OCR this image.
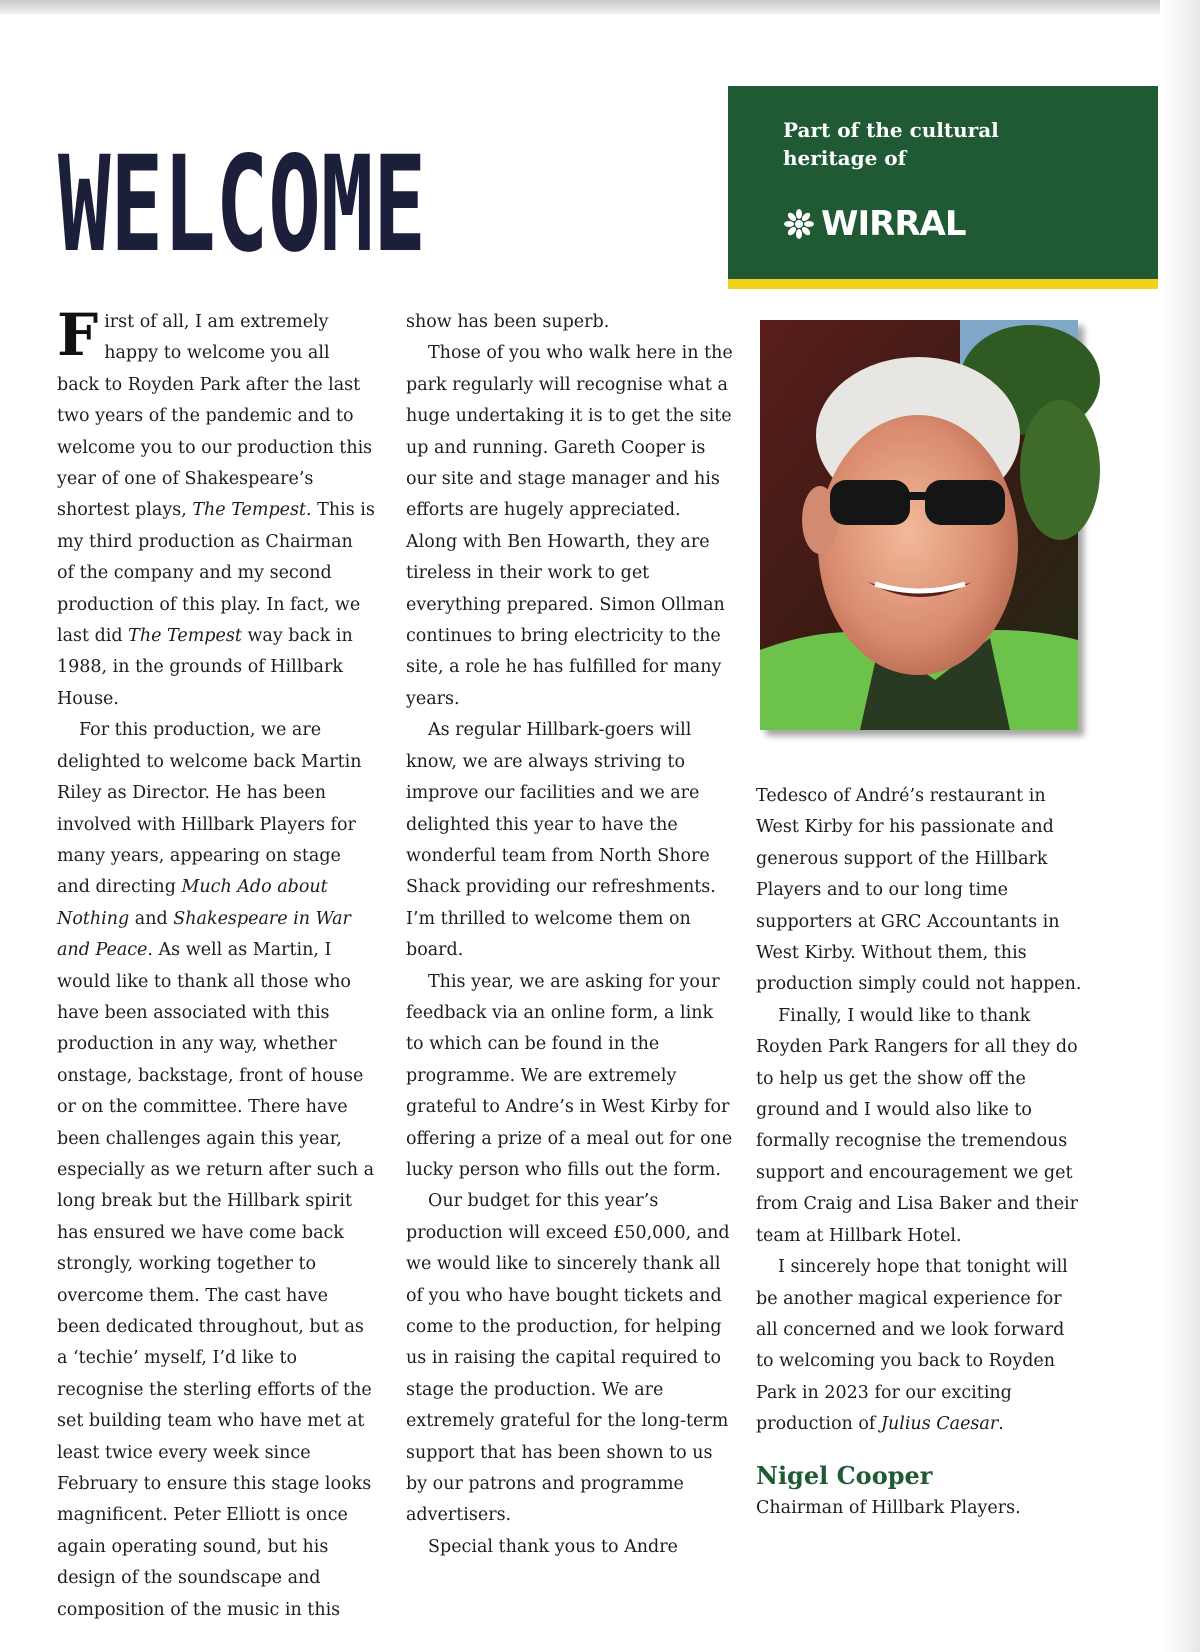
WELCOME	Part of the cultural
heritage of
WIRRAL

First of all, I am extremely happy to welcome you all back to Royden Park after the last two years of the pandemic and to welcome you to our production this year of one of Shakespeare’s shortest plays, The Tempest. This is my third production as Chairman of the company and my second production of this play. In fact, we last did The Tempest way back in 1988, in the grounds of Hillbark House.

For this production, we are delighted to welcome back Martin Riley as Director. He has been involved with Hillbark Players for many years, appearing on stage and directing Much Ado about Nothing and Shakespeare in War and Peace. As well as Martin, I would like to thank all those who have been associated with this production in any way, whether onstage, backstage, front of house or on the committee. There have been challenges again this year, especially as we return after such a long break but the Hillbark spirit has ensured we have come back strongly, working together to overcome them. The cast have been dedicated throughout, but as a ‘techie’ myself, I’d like to recognise the sterling efforts of the set building team who have met at least twice every week since February to ensure this stage looks magnificent. Peter Elliott is once again operating sound, but his design of the soundscape and composition of the music in this

show has been superb.

Those of you who walk here in the park regularly will recognise what a huge undertaking it is to get the site up and running. Gareth Cooper is our site and stage manager and his efforts are hugely appreciated. Along with Ben Howarth, they are tireless in their work to get everything prepared. Simon Ollman continues to bring electricity to the site, a role he has fulfilled for many years.

As regular Hillbark-goers will know, we are always striving to improve our facilities and we are delighted this year to have the wonderful team from North Shore Shack providing our refreshments. I’m thrilled to welcome them on board.

This year, we are asking for your feedback via an online form, a link to which can be found in the programme. We are extremely grateful to Andre’s in West Kirby for offering a prize of a meal out for one lucky person who fills out the form.

Our budget for this year’s production will exceed £50,000, and we would like to sincerely thank all of you who have bought tickets and come to the production, for helping us in raising the capital required to stage the production. We are extremely grateful for the long-term support that has been shown to us by our patrons and programme advertisers.

Special thank yous to Andre

Tedesco of André’s restaurant in West Kirby for his passionate and generous support of the Hillbark Players and to our long time supporters at GRC Accountants in West Kirby. Without them, this production simply could not happen.

Finally, I would like to thank Royden Park Rangers for all they do to help us get the show off the ground and I would also like to formally recognise the tremendous support and encouragement we get from Craig and Lisa Baker and their team at Hillbark Hotel.

I sincerely hope that tonight will be another magical experience for all concerned and we look forward to welcoming you back to Royden Park in 2023 for our exciting production of Julius Caesar.

Nigel Cooper
Chairman of Hillbark Players.
